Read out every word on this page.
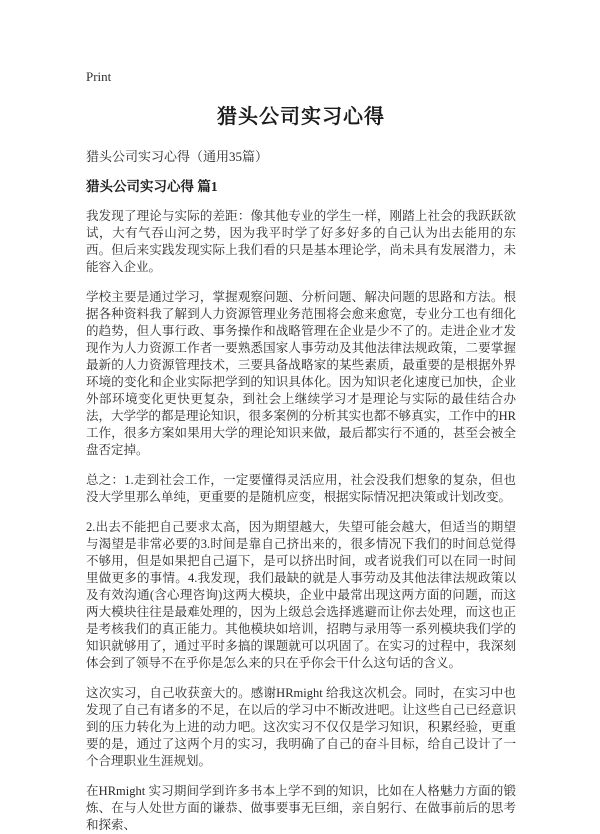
Print
猎头公司实习心得
猎头公司实习心得（通用35篇）
猎头公司实习心得 篇1

我发现了理论与实际的差距：像其他专业的学生一样，刚踏上社会的我跃跃欲试，大有气吞山河之势，因为我平时学了好多好多的自己认为出去能用的东西。但后来实践发现实际上我们看的只是基本理论学，尚未具有发展潜力，未能容入企业。

学校主要是通过学习，掌握观察问题、分析问题、解决问题的思路和方法。根据各种资料我了解到人力资源管理业务范围将会愈来愈宽，专业分工也有细化的趋势，但人事行政、事务操作和战略管理在企业是少不了的。走进企业才发现作为人力资源工作者一要熟悉国家人事劳动及其他法律法规政策，二要掌握最新的人力资源管理技术，三要具备战略家的某些素质，最重要的是根据外界环境的变化和企业实际把学到的知识具体化。因为知识老化速度已加快，企业外部环境变化更快更复杂，到社会上继续学习才是理论与实际的最佳结合办法，大学学的都是理论知识，很多案例的分析其实也都不够真实，工作中的HR工作，很多方案如果用大学的理论知识来做，最后都实行不通的，甚至会被全盘否定掉。

总之：1.走到社会工作，一定要懂得灵活应用，社会没我们想象的复杂，但也没大学里那么单纯，更重要的是随机应变，根据实际情况把决策或计划改变。

2.出去不能把自己要求太高，因为期望越大，失望可能会越大，但适当的期望与渴望是非常必要的3.时间是靠自己挤出来的，很多情况下我们的时间总觉得不够用，但是如果把自己逼下，是可以挤出时间，或者说我们可以在同一时间里做更多的事情。4.我发现，我们最缺的就是人事劳动及其他法律法规政策以及有效沟通(含心理咨询)这两大模块，企业中最常出现这两方面的问题，而这两大模块往往是最难处理的，因为上级总会选择逃避而让你去处理，而这也正是考核我们的真正能力。其他模块如培训，招聘与录用等一系列模块我们学的知识就够用了，通过平时多搞的课题就可以巩固了。在实习的过程中，我深刻体会到了领导不在乎你是怎么来的只在乎你会干什么这句话的含义。

这次实习，自己收获蛮大的。感谢HRmight 给我这次机会。同时，在实习中也发现了自己有诸多的不足，在以后的学习中不断改进吧。让这些自己已经意识到的压力转化为上进的动力吧。这次实习不仅仅是学习知识，积累经验，更重要的是，通过了这两个月的实习，我明确了自己的奋斗目标，给自己设计了一个合理职业生涯规划。

在HRmight 实习期间学到许多书本上学不到的知识，比如在人格魅力方面的锻炼、在与人处世方面的谦恭、做事要事无巨细，亲自躬行、在做事前后的思考和探索、
